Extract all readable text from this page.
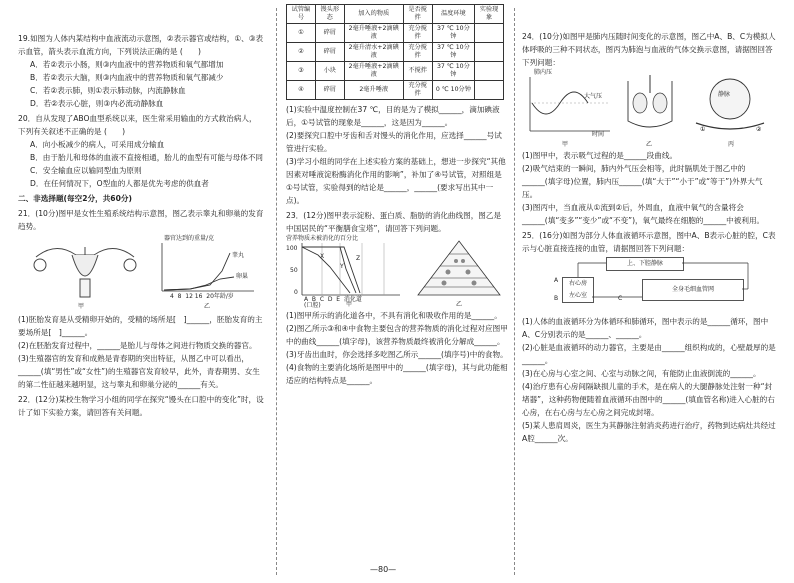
19.如图为人体内某结构中血液流动示意图，②表示器官或结构，①、③表示血管，箭头表示血流方向，下列说法正确的是 (　　)

A．若②表示小肠，则③内血液中的营养物质和氧气都增加

B．若②表示大脑，则③内血液中的营养物质和氧气都减少

C．若②表示肺，则①表示肺动脉，内流静脉血

D．若②表示心脏，则③内必流动静脉血

20．自从发现了ABO血型系统以来，医生常采用输血的方式救治病人，下列有关叙述不正确的是 (　　)

A．向小板减少的病人，可采用成分输血

B．由于胎儿和母体的血液不直接相通，胎儿的血型有可能与母体不同

C．安全输血应以输同型血为原则

D．在任何情况下，O型血的人都是优先考虑的供血者

二、非选择题(每空2分，共60分)

21．(10分)图甲是女性生殖系统结构示意图，图乙表示睾丸和卵巢的发育趋势。

甲
器官达到的重量/克
睾丸
卵巢
4  8  12 16  20年龄/岁
乙

(1)胚胎发育是从受精卵开始的，受精的场所是[　]______，胚胎发育的主要场所是[　]______。

(2)在胚胎发育过程中，______是胎儿与母体之间进行物质交换的器官。

(3)生殖器官的发育和成熟是青春期的突出特征，从图乙中可以看出，______(填“男性”或“女性”)的生殖器官发育较早，此外，青春期男、女生的第二性征越来越明显，这与睾丸和卵巢分泌的______有关。

22．(12分)某校生物学习小组的同学在探究“馒头在口腔中的变化”时，设计了如下实验方案，请回答有关问题。

试管编号	馒头形态	加入的物质	是否搅拌	温度环境	实验现象
①	碎屑	2毫升唾液+2滴碘液	充分搅拌	37 ℃ 10分钟	
②	碎屑	2毫升清水+2滴碘液	充分搅拌	37 ℃ 10分钟	
③	小块	2毫升唾液+2滴碘液	不搅拌	37 ℃ 10分钟	
④	碎屑	2毫升唾液	充分搅拌	0 ℃ 10分钟	

(1)实验中温度控制在37 ℃，目的是为了模拟______，滴加碘液后，①号试管的现象是______，这是因为______。

(2)要探究口腔中牙齿和舌对馒头的消化作用，应选择______号试管进行实验。

(3)学习小组的同学在上述实验方案的基础上，想进一步探究“其他因素对唾液淀粉酶消化作用的影响”，补加了④号试管，对照组是①号试管，实验得到的结论是______，______(要求写出其中一点)。

23．(12分)图甲表示淀粉、蛋白质、脂肪的消化曲线图，图乙是中国居民的“平衡膳食宝塔”，请回答下列问题。

营养物质未被消化的百分比
100
50
0
X
Y
Z
A  B  C  D  E  消化道
(口腔)	甲	乙

(1)图甲所示的消化道各中，不具有消化和吸收作用的是______。

(2)图乙所示③和④中食物主要包含的营养物质的消化过程对应图甲中的曲线______(填字母)，该营养物质最终被消化分解成______。

(3)牙齿出血时，你会选择多吃图乙所示______(填序号)中的食物。

(4)食物的主要消化场所是图甲中的______(填字母)，其与此功能相适应的结构特点是______。

—80—

24．(10分)如图甲是肺内压随时间变化的示意图，图乙中A、B、C为模拟人体呼吸的三种不同状态，图丙为肺泡与血液的气体交换示意图，请据图回答下列问题：

肺内压
大气压
时间
甲	乙
①	②
静脉
丙

(1)图甲中，表示吸气过程的是______段曲线。

(2)吸气结束的一瞬间，肺内外气压会相等，此时膈肌处于图乙中的______(填字母)位置，肺内压______(填“大于”“小于”或“等于”)外界大气压。

(3)图丙中，当血液从①流到②后，外周血，血液中氧气的含量将会______(填“变多”“变少”或“不变”)，氧气最终在细胞的______中被利用。

25．(16分)如图为部分人体血液循环示意图，图中A、B表示心脏的腔，C表示与心脏直接连接的血管，请据图回答下列问题：

上、下腔静脉
右心房
左心室
全身毛细血管网
A
B	C

(1)人体的血液循环分为体循环和肺循环，图中表示的是______循环，图中A、C分别表示的是______、______。

(2)心脏是血液循环的动力器官，主要是由______组织构成的，心壁最厚的是______。

(3)在心房与心室之间、心室与动脉之间，有能防止血液倒流的______。

(4)治疗患有心房间隔缺损儿童的手术，是在病人的大腿静脉处注射一种“封堵器”，这种药物便随着血液循环由图中的______(填血管名称)进入心脏的右心房，在右心房与左心房之间完成封堵。

(5)某人患肩周炎，医生为其静脉注射消炎药进行治疗，药物到达病灶共经过A腔______次。
